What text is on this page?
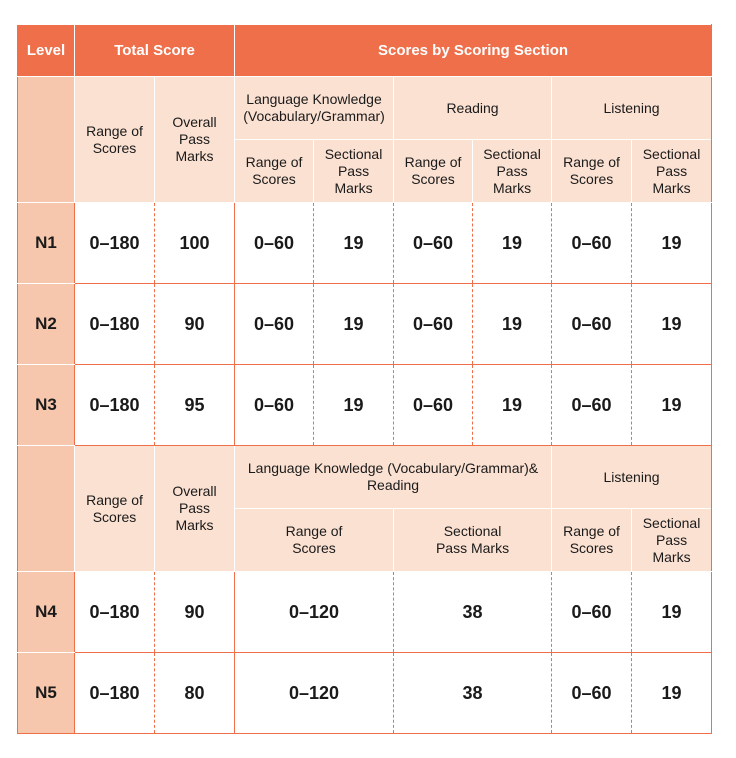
Level	Total Score		Scores by Scoring Section					

	Range of Scores	Overall Pass Marks	Language Knowledge (Vocabulary/Grammar)		Reading		Listening	

			Range of Scores	Sectional Pass Marks	Range of Scores	Sectional Pass Marks	Range of Scores	Sectional Pass Marks

N1	0–180	100	0–60	19	0–60	19	0–60	19
N2	0–180	90	0–60	19	0–60	19	0–60	19
N3	0–180	95	0–60	19	0–60	19	0–60	19

	Range of Scores	Overall Pass Marks	Language Knowledge (Vocabulary/Grammar)& Reading				Listening	

			Range of Scores		Sectional Pass Marks		Range of Scores	Sectional Pass Marks

N4	0–180	90	0–120		38		0–60	19
N5	0–180	80	0–120		38		0–60	19
